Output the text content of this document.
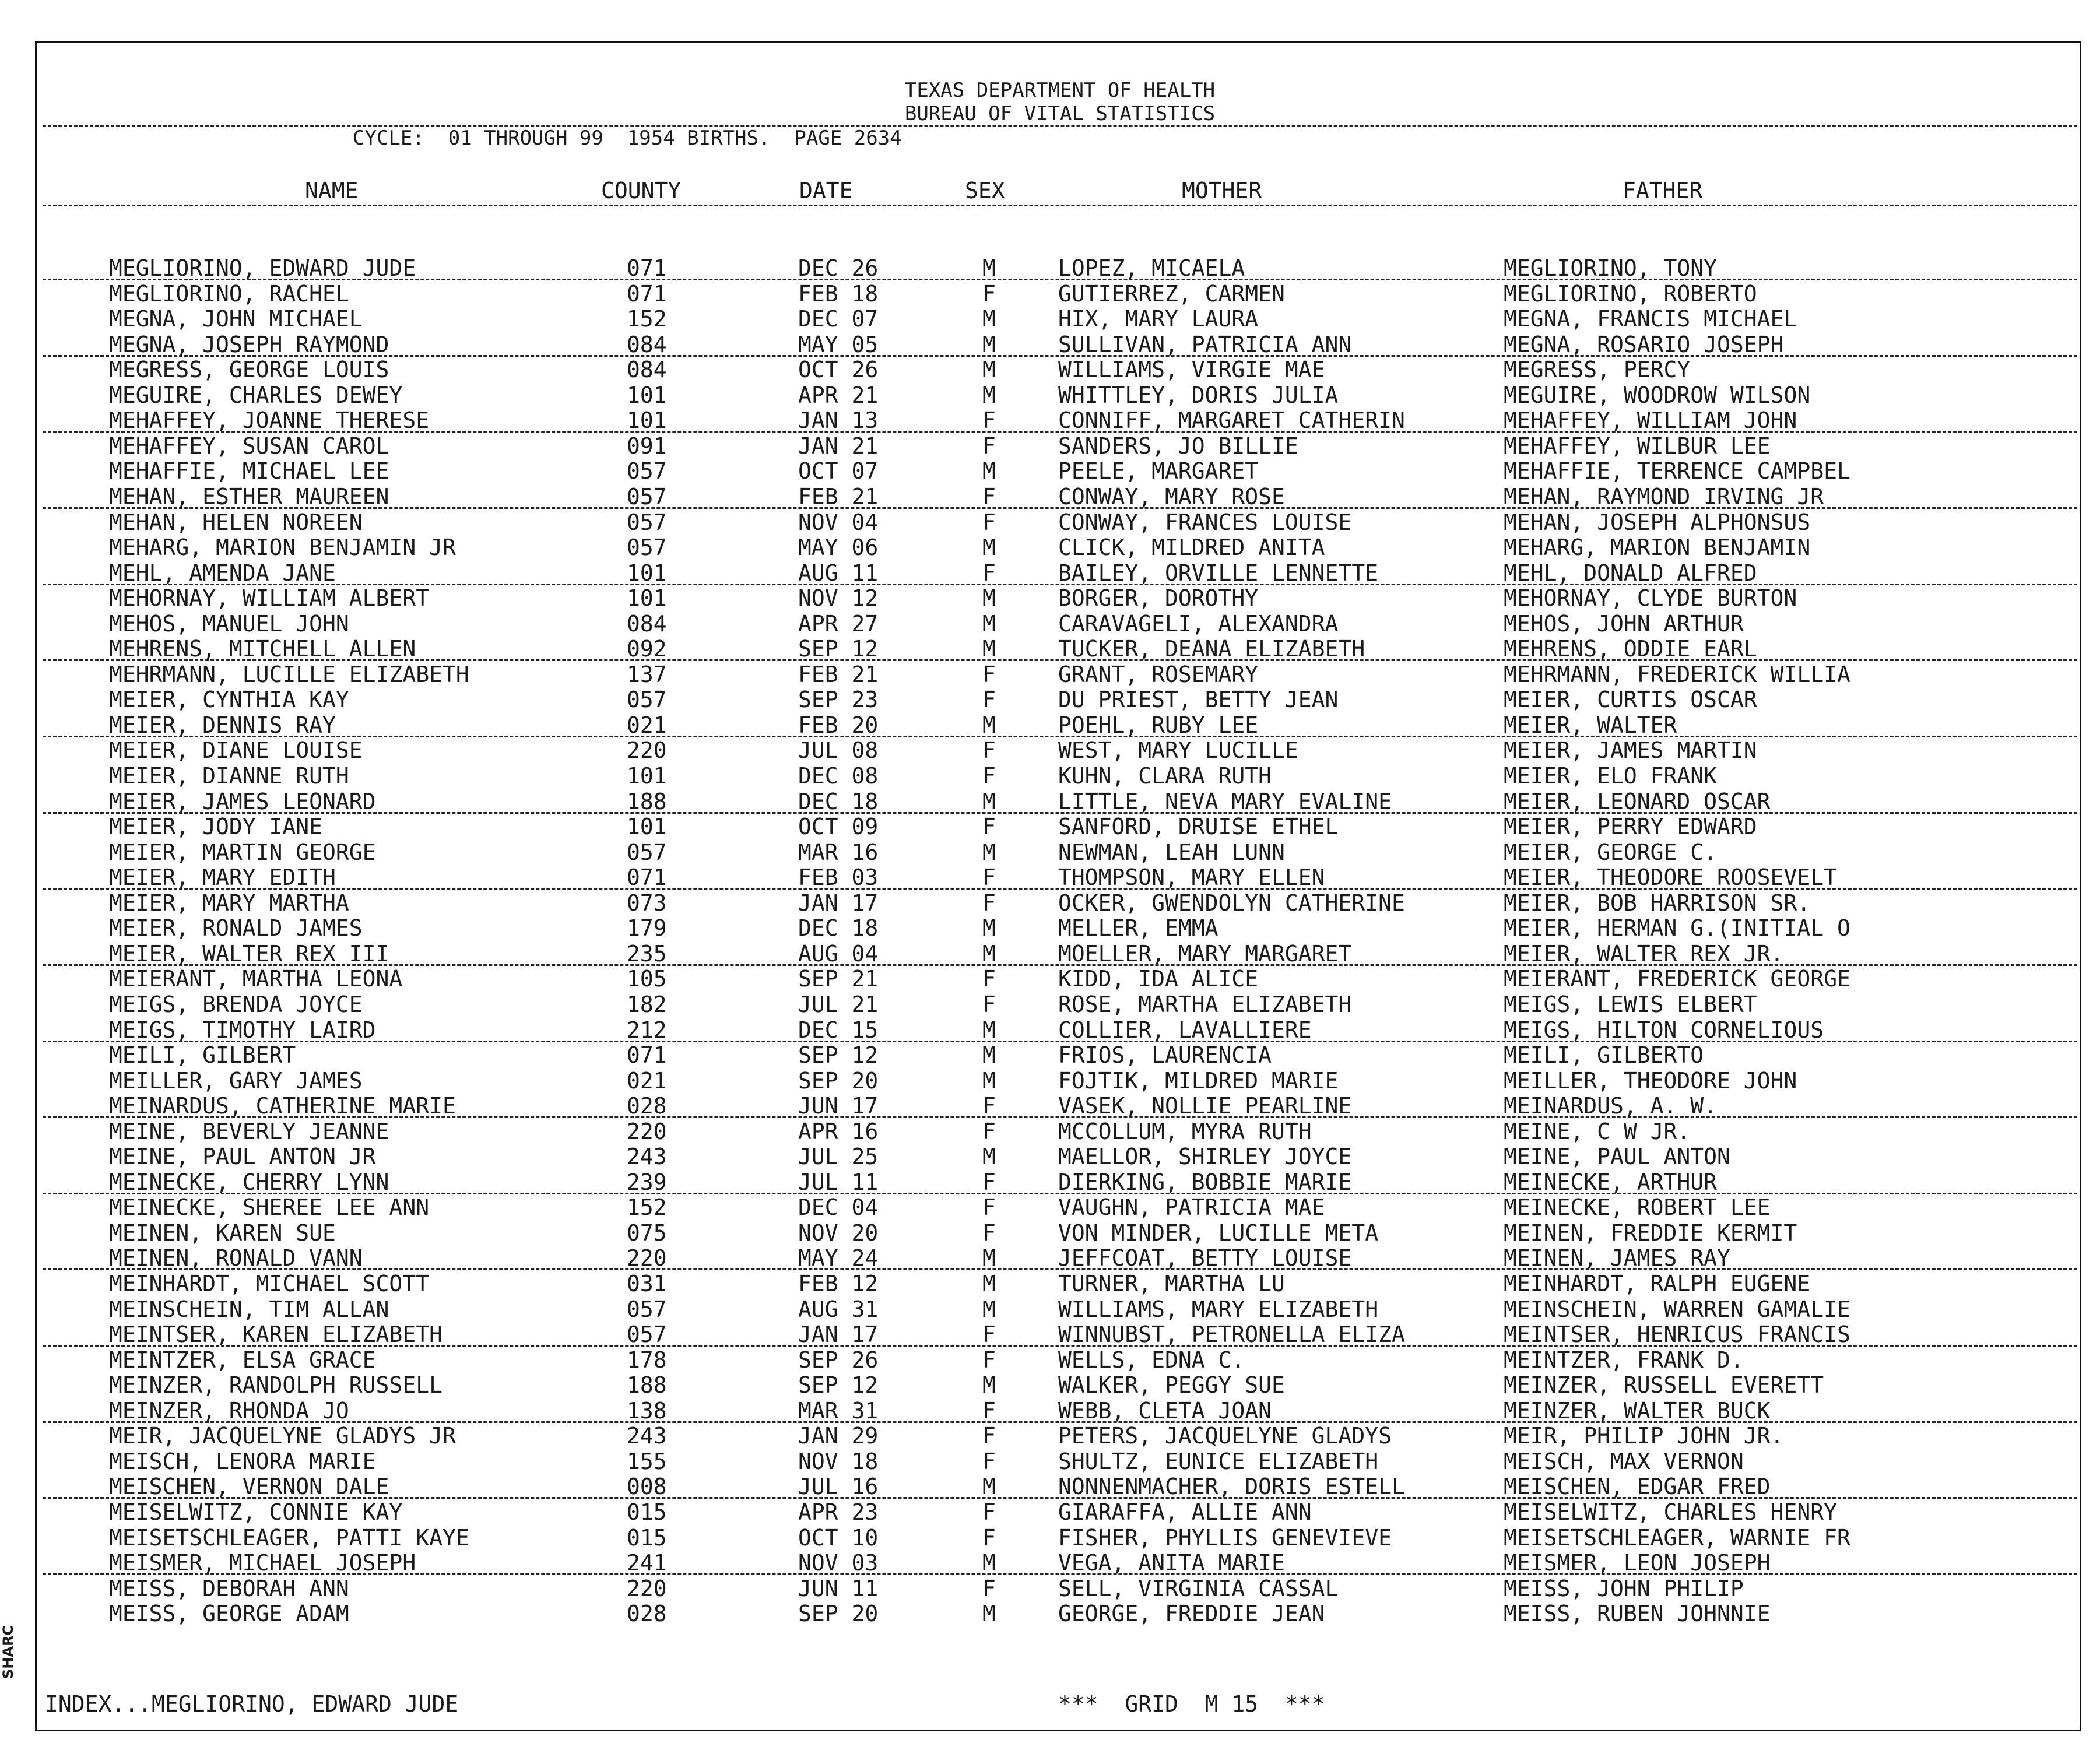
TEXAS DEPARTMENT OF HEALTH
BUREAU OF VITAL STATISTICS
CYCLE:  01 THROUGH 99  1954 BIRTHS.  PAGE 2634
NAME	COUNTY	DATE	SEX	MOTHER	FATHER
MEGLIORINO, EDWARD JUDE	071	DEC 26	M	LOPEZ, MICAELA	MEGLIORINO, TONY
MEGLIORINO, RACHEL	071	FEB 18	F	GUTIERREZ, CARMEN	MEGLIORINO, ROBERTO
MEGNA, JOHN MICHAEL	152	DEC 07	M	HIX, MARY LAURA	MEGNA, FRANCIS MICHAEL
MEGNA, JOSEPH RAYMOND	084	MAY 05	M	SULLIVAN, PATRICIA ANN	MEGNA, ROSARIO JOSEPH
MEGRESS, GEORGE LOUIS	084	OCT 26	M	WILLIAMS, VIRGIE MAE	MEGRESS, PERCY
MEGUIRE, CHARLES DEWEY	101	APR 21	M	WHITTLEY, DORIS JULIA	MEGUIRE, WOODROW WILSON
MEHAFFEY, JOANNE THERESE	101	JAN 13	F	CONNIFF, MARGARET CATHERIN	MEHAFFEY, WILLIAM JOHN
MEHAFFEY, SUSAN CAROL	091	JAN 21	F	SANDERS, JO BILLIE	MEHAFFEY, WILBUR LEE
MEHAFFIE, MICHAEL LEE	057	OCT 07	M	PEELE, MARGARET	MEHAFFIE, TERRENCE CAMPBEL
MEHAN, ESTHER MAUREEN	057	FEB 21	F	CONWAY, MARY ROSE	MEHAN, RAYMOND IRVING JR
MEHAN, HELEN NOREEN	057	NOV 04	F	CONWAY, FRANCES LOUISE	MEHAN, JOSEPH ALPHONSUS
MEHARG, MARION BENJAMIN JR	057	MAY 06	M	CLICK, MILDRED ANITA	MEHARG, MARION BENJAMIN
MEHL, AMENDA JANE	101	AUG 11	F	BAILEY, ORVILLE LENNETTE	MEHL, DONALD ALFRED
MEHORNAY, WILLIAM ALBERT	101	NOV 12	M	BORGER, DOROTHY	MEHORNAY, CLYDE BURTON
MEHOS, MANUEL JOHN	084	APR 27	M	CARAVAGELI, ALEXANDRA	MEHOS, JOHN ARTHUR
MEHRENS, MITCHELL ALLEN	092	SEP 12	M	TUCKER, DEANA ELIZABETH	MEHRENS, ODDIE EARL
MEHRMANN, LUCILLE ELIZABETH	137	FEB 21	F	GRANT, ROSEMARY	MEHRMANN, FREDERICK WILLIA
MEIER, CYNTHIA KAY	057	SEP 23	F	DU PRIEST, BETTY JEAN	MEIER, CURTIS OSCAR
MEIER, DENNIS RAY	021	FEB 20	M	POEHL, RUBY LEE	MEIER, WALTER
MEIER, DIANE LOUISE	220	JUL 08	F	WEST, MARY LUCILLE	MEIER, JAMES MARTIN
MEIER, DIANNE RUTH	101	DEC 08	F	KUHN, CLARA RUTH	MEIER, ELO FRANK
MEIER, JAMES LEONARD	188	DEC 18	M	LITTLE, NEVA MARY EVALINE	MEIER, LEONARD OSCAR
MEIER, JODY IANE	101	OCT 09	F	SANFORD, DRUISE ETHEL	MEIER, PERRY EDWARD
MEIER, MARTIN GEORGE	057	MAR 16	M	NEWMAN, LEAH LUNN	MEIER, GEORGE C.
MEIER, MARY EDITH	071	FEB 03	F	THOMPSON, MARY ELLEN	MEIER, THEODORE ROOSEVELT
MEIER, MARY MARTHA	073	JAN 17	F	OCKER, GWENDOLYN CATHERINE	MEIER, BOB HARRISON SR.
MEIER, RONALD JAMES	179	DEC 18	M	MELLER, EMMA	MEIER, HERMAN G.(INITIAL O
MEIER, WALTER REX III	235	AUG 04	M	MOELLER, MARY MARGARET	MEIER, WALTER REX JR.
MEIERANT, MARTHA LEONA	105	SEP 21	F	KIDD, IDA ALICE	MEIERANT, FREDERICK GEORGE
MEIGS, BRENDA JOYCE	182	JUL 21	F	ROSE, MARTHA ELIZABETH	MEIGS, LEWIS ELBERT
MEIGS, TIMOTHY LAIRD	212	DEC 15	M	COLLIER, LAVALLIERE	MEIGS, HILTON CORNELIOUS
MEILI, GILBERT	071	SEP 12	M	FRIOS, LAURENCIA	MEILI, GILBERTO
MEILLER, GARY JAMES	021	SEP 20	M	FOJTIK, MILDRED MARIE	MEILLER, THEODORE JOHN
MEINARDUS, CATHERINE MARIE	028	JUN 17	F	VASEK, NOLLIE PEARLINE	MEINARDUS, A. W.
MEINE, BEVERLY JEANNE	220	APR 16	F	MCCOLLUM, MYRA RUTH	MEINE, C W JR.
MEINE, PAUL ANTON JR	243	JUL 25	M	MAELLOR, SHIRLEY JOYCE	MEINE, PAUL ANTON
MEINECKE, CHERRY LYNN	239	JUL 11	F	DIERKING, BOBBIE MARIE	MEINECKE, ARTHUR
MEINECKE, SHEREE LEE ANN	152	DEC 04	F	VAUGHN, PATRICIA MAE	MEINECKE, ROBERT LEE
MEINEN, KAREN SUE	075	NOV 20	F	VON MINDER, LUCILLE META	MEINEN, FREDDIE KERMIT
MEINEN, RONALD VANN	220	MAY 24	M	JEFFCOAT, BETTY LOUISE	MEINEN, JAMES RAY
MEINHARDT, MICHAEL SCOTT	031	FEB 12	M	TURNER, MARTHA LU	MEINHARDT, RALPH EUGENE
MEINSCHEIN, TIM ALLAN	057	AUG 31	M	WILLIAMS, MARY ELIZABETH	MEINSCHEIN, WARREN GAMALIE
MEINTSER, KAREN ELIZABETH	057	JAN 17	F	WINNUBST, PETRONELLA ELIZA	MEINTSER, HENRICUS FRANCIS
MEINTZER, ELSA GRACE	178	SEP 26	F	WELLS, EDNA C.	MEINTZER, FRANK D.
MEINZER, RANDOLPH RUSSELL	188	SEP 12	M	WALKER, PEGGY SUE	MEINZER, RUSSELL EVERETT
MEINZER, RHONDA JO	138	MAR 31	F	WEBB, CLETA JOAN	MEINZER, WALTER BUCK
MEIR, JACQUELYNE GLADYS JR	243	JAN 29	F	PETERS, JACQUELYNE GLADYS	MEIR, PHILIP JOHN JR.
MEISCH, LENORA MARIE	155	NOV 18	F	SHULTZ, EUNICE ELIZABETH	MEISCH, MAX VERNON
MEISCHEN, VERNON DALE	008	JUL 16	M	NONNENMACHER, DORIS ESTELL	MEISCHEN, EDGAR FRED
MEISELWITZ, CONNIE KAY	015	APR 23	F	GIARAFFA, ALLIE ANN	MEISELWITZ, CHARLES HENRY
MEISETSCHLEAGER, PATTI KAYE	015	OCT 10	F	FISHER, PHYLLIS GENEVIEVE	MEISETSCHLEAGER, WARNIE FR
MEISMER, MICHAEL JOSEPH	241	NOV 03	M	VEGA, ANITA MARIE	MEISMER, LEON JOSEPH
MEISS, DEBORAH ANN	220	JUN 11	F	SELL, VIRGINIA CASSAL	MEISS, JOHN PHILIP
MEISS, GEORGE ADAM	028	SEP 20	M	GEORGE, FREDDIE JEAN	MEISS, RUBEN JOHNNIE
INDEX...MEGLIORINO, EDWARD JUDE	***  GRID  M 15  ***
SHARC
